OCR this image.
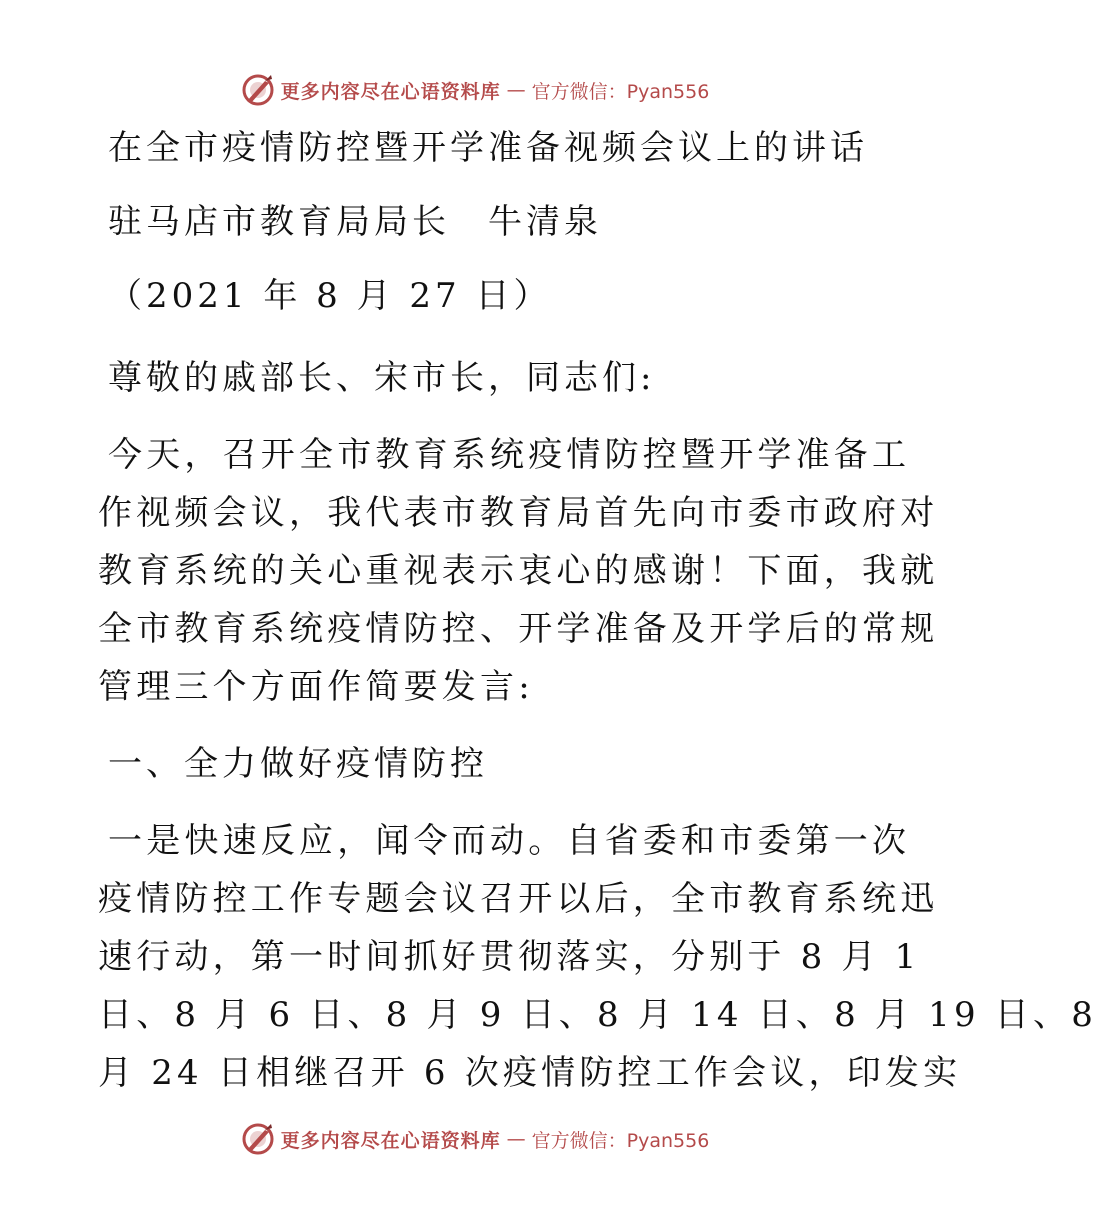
更多内容尽在心语资料库 — 官方微信：Pyan556
在全市疫情防控暨开学准备视频会议上的讲话
驻马店市教育局局长　牛清泉
（2021 年 8 月 27 日）
尊敬的戚部长、宋市长，同志们:
今天，召开全市教育系统疫情防控暨开学准备工
作视频会议，我代表市教育局首先向市委市政府对
教育系统的关心重视表示衷心的感谢！下面，我就
全市教育系统疫情防控、开学准备及开学后的常规
管理三个方面作简要发言:
一、全力做好疫情防控
一是快速反应，闻令而动。自省委和市委第一次
疫情防控工作专题会议召开以后，全市教育系统迅
速行动，第一时间抓好贯彻落实，分别于 8 月 1
日、8 月 6 日、8 月 9 日、8 月 14 日、8 月 19 日、8
月 24 日相继召开 6 次疫情防控工作会议，印发实
更多内容尽在心语资料库 — 官方微信：Pyan556
